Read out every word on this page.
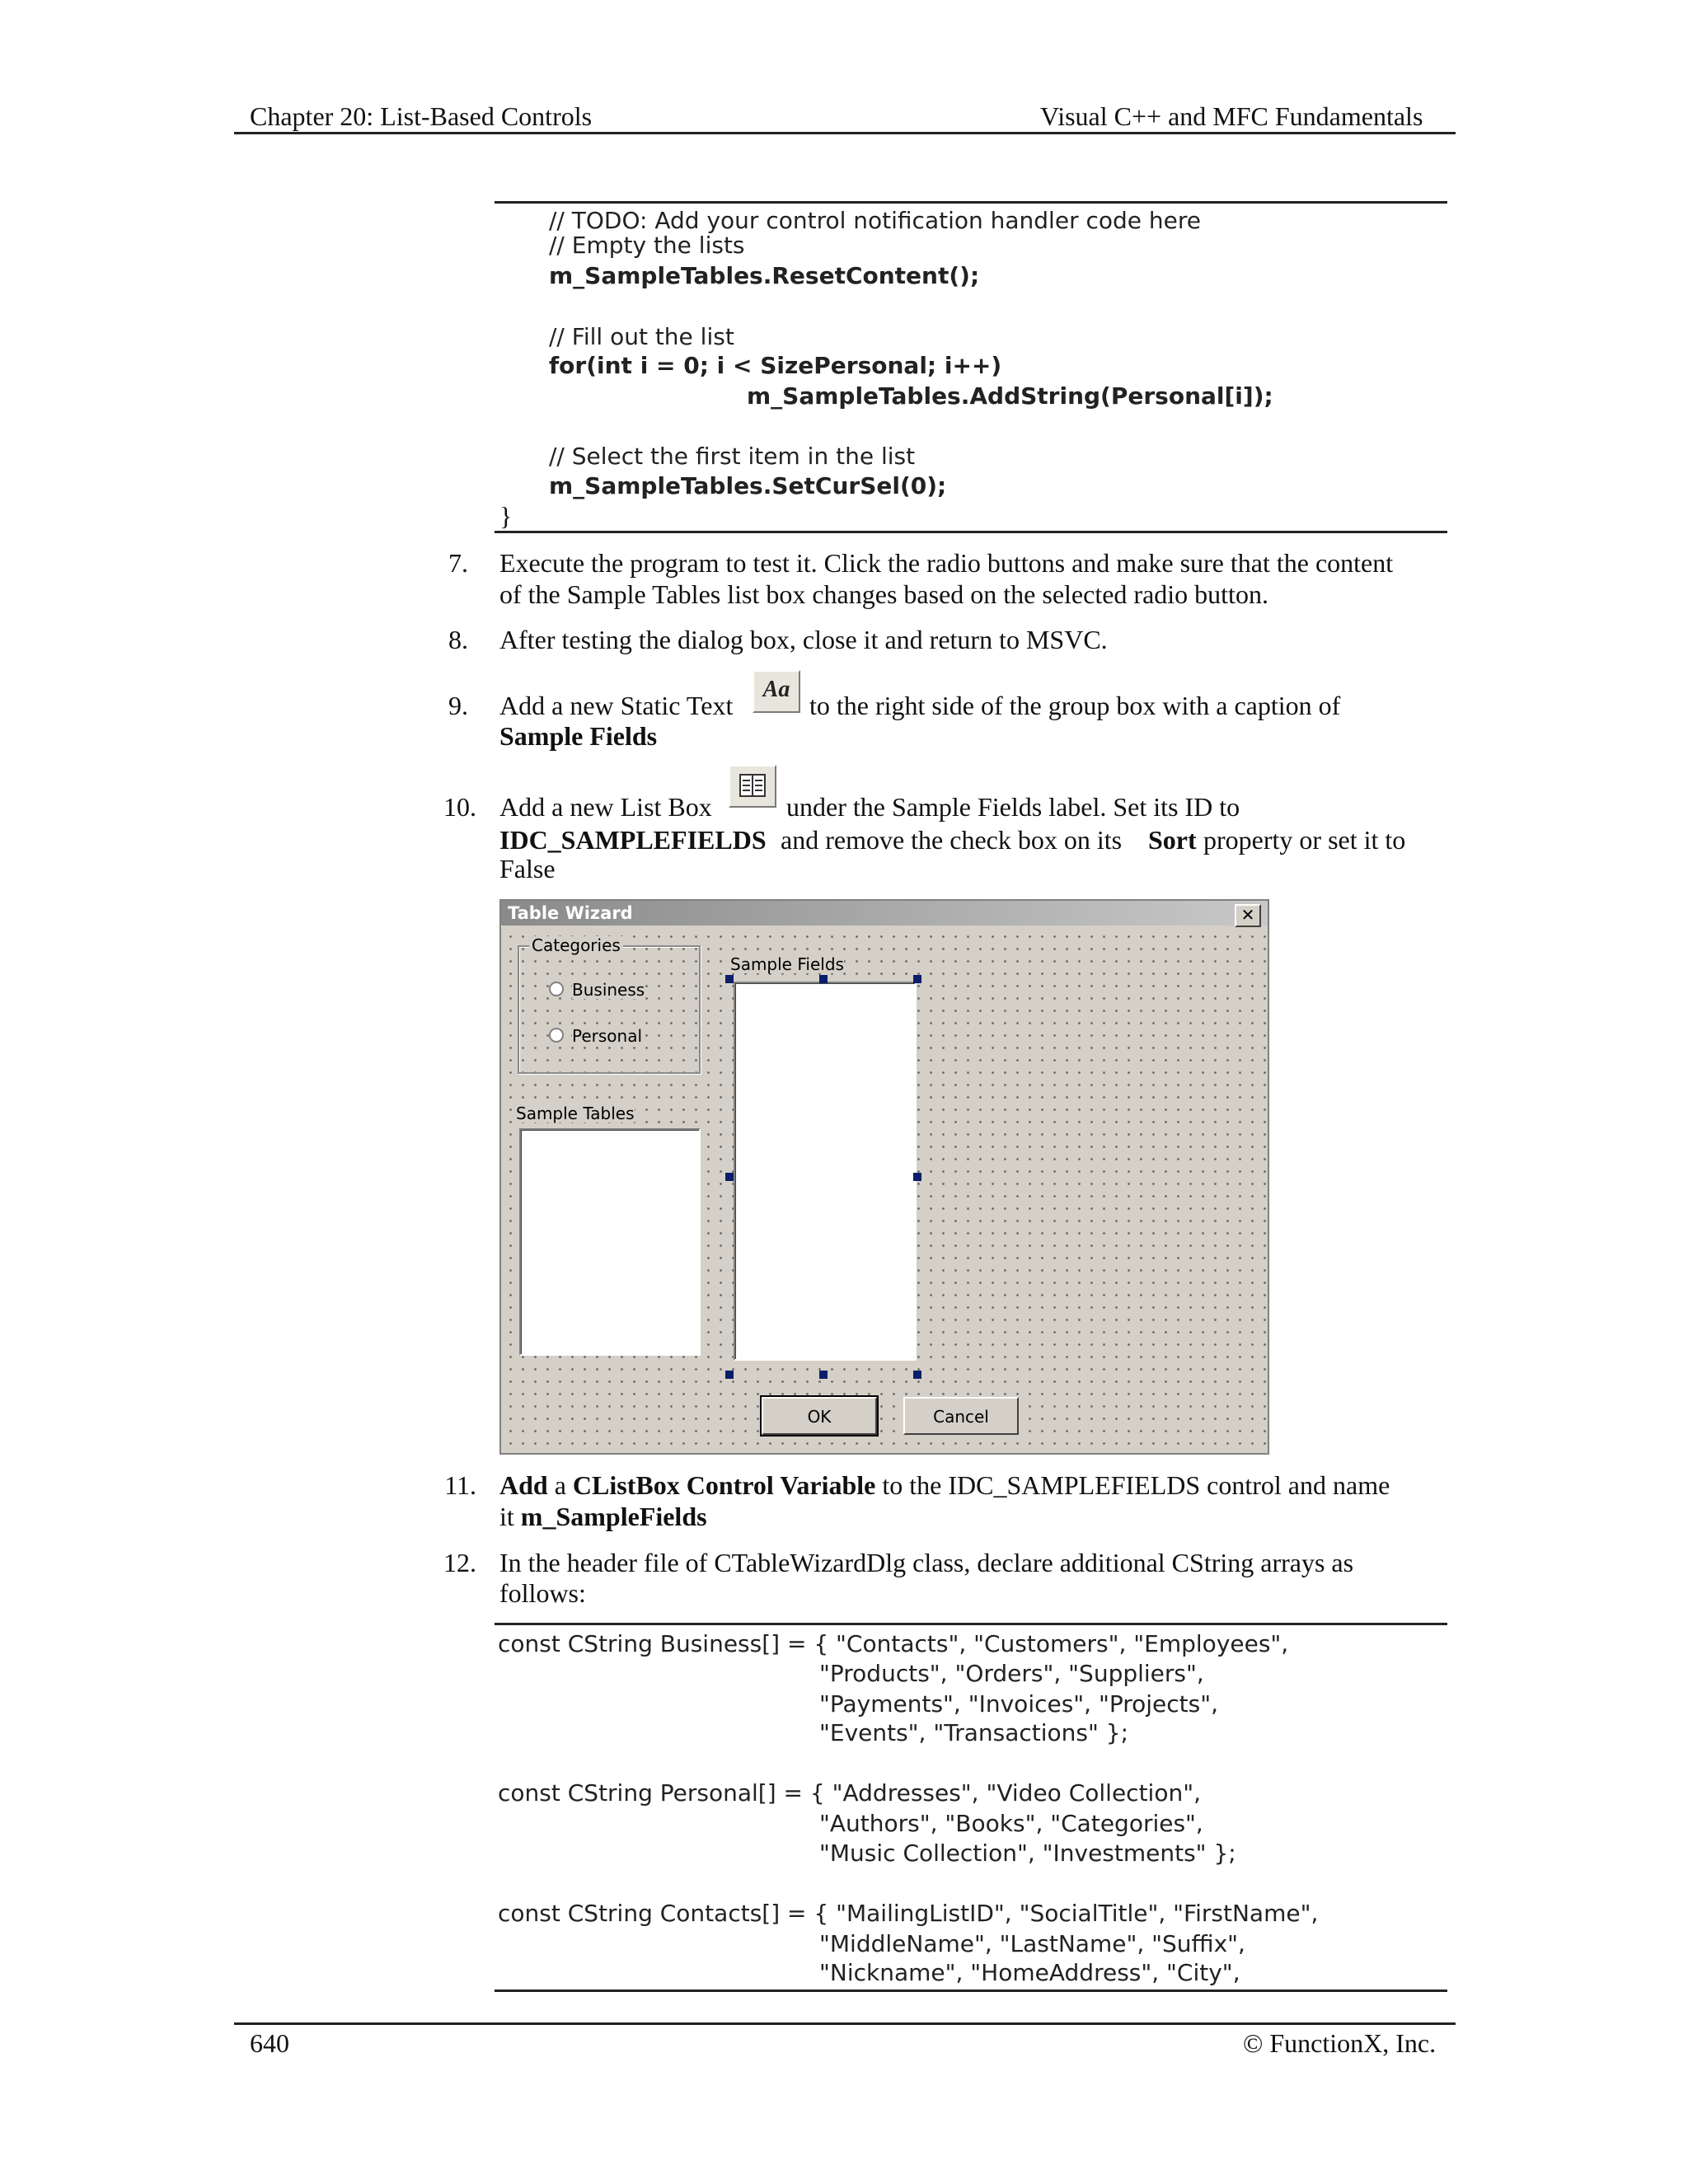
Chapter 20: List-Based Controls	Visual C++ and MFC Fundamentals
// TODO: Add your control notification handler code here
// Empty the lists
m_SampleTables.ResetContent();
// Fill out the list
for(int i = 0; i < SizePersonal; i++)
m_SampleTables.AddString(Personal[i]);
// Select the first item in the list
m_SampleTables.SetCurSel(0);
}
7. Execute the program to test it. Click the radio buttons and make sure that the content
of the Sample Tables list box changes based on the selected radio button.
8. After testing the dialog box, close it and return to MSVC.
9. Add a new Static Text
Aa
to the right side of the group box with a caption of
Sample Fields
10. Add a new List Box	under the Sample Fields label. Set its ID to
IDC_SAMPLEFIELDS and remove the check box on its Sort property or set it to
False
Table Wizard	✕
Categories
Business
Personal
Sample Tables
Sample Fields
OK	Cancel
11. Add a CListBox Control Variable to the IDC_SAMPLEFIELDS control and name
it m_SampleFields
12. In the header file of CTableWizardDlg class, declare additional CString arrays as
follows:
const CString Business[] = { "Contacts", "Customers", "Employees",
"Products", "Orders", "Suppliers",
"Payments", "Invoices", "Projects",
"Events", "Transactions" };
const CString Personal[] = { "Addresses", "Video Collection",
"Authors", "Books", "Categories",
"Music Collection", "Investments" };
const CString Contacts[] = { "MailingListID", "SocialTitle", "FirstName",
"MiddleName", "LastName", "Suffix",
"Nickname", "HomeAddress", "City",
640	© FunctionX, Inc.
